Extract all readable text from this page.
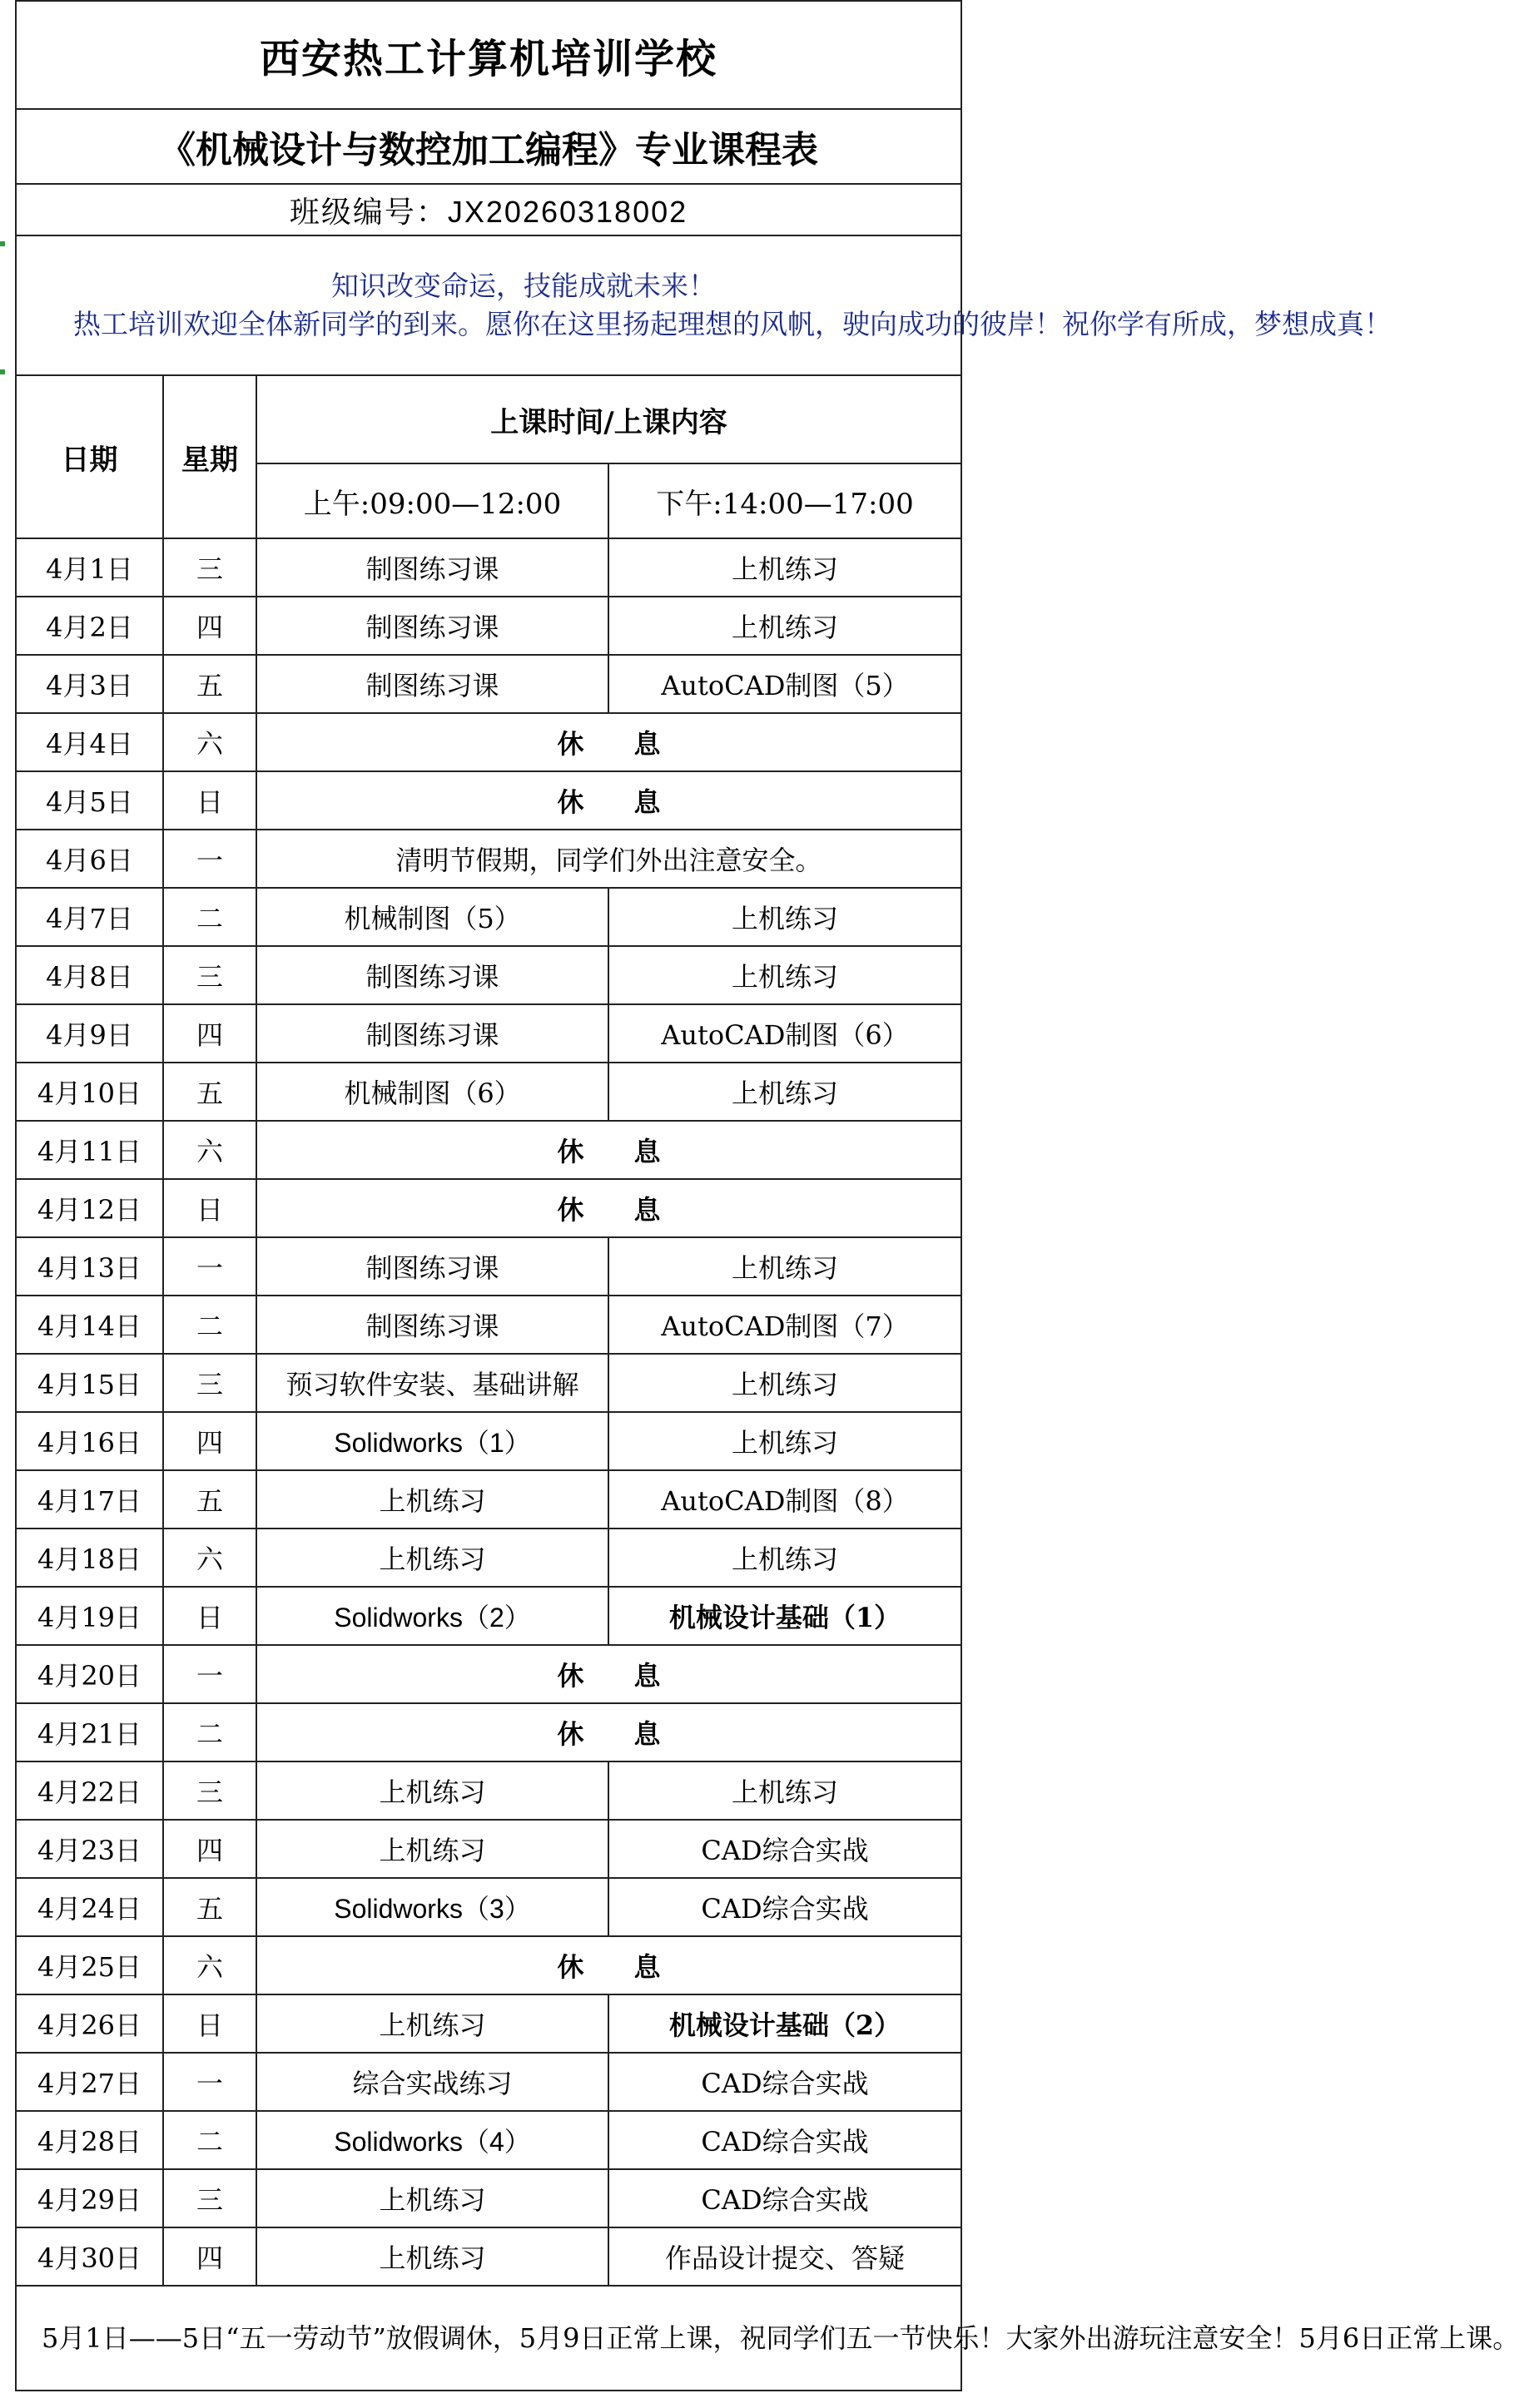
西安热工计算机培训学校			
《机械设计与数控加工编程》专业课程表			
班级编号：JX20260318002			

知识改变命运，技能成就未来！
热工培训欢迎全体新同学的到来。愿你在这里扬起理想的风帆，驶向成功的彼岸！祝你学有所成，梦想成真！			

日期	星期	上课时间/上课内容	
		上午:09:00—12:00	下午:14:00—17:00
4月1日	三	制图练习课	上机练习
4月2日	四	制图练习课	上机练习
4月3日	五	制图练习课	AutoCAD制图（5）
4月4日	六	休 息	
4月5日	日	休 息	
4月6日	一	清明节假期，同学们外出注意安全。	
4月7日	二	机械制图（5）	上机练习
4月8日	三	制图练习课	上机练习
4月9日	四	制图练习课	AutoCAD制图（6）
4月10日	五	机械制图（6）	上机练习
4月11日	六	休 息	
4月12日	日	休 息	
4月13日	一	制图练习课	上机练习
4月14日	二	制图练习课	AutoCAD制图（7）
4月15日	三	预习软件安装、基础讲解	上机练习
4月16日	四	Solidworks（1）	上机练习
4月17日	五	上机练习	AutoCAD制图（8）
4月18日	六	上机练习	上机练习
4月19日	日	Solidworks（2）	机械设计基础（1）
4月20日	一	休 息	
4月21日	二	休 息	
4月22日	三	上机练习	上机练习
4月23日	四	上机练习	CAD综合实战
4月24日	五	Solidworks（3）	CAD综合实战
4月25日	六	休 息	
4月26日	日	上机练习	机械设计基础（2）
4月27日	一	综合实战练习	CAD综合实战
4月28日	二	Solidworks（4）	CAD综合实战
4月29日	三	上机练习	CAD综合实战
4月30日	四	上机练习	作品设计提交、答疑

5月1日——5日“五一劳动节”放假调休，5月9日正常上课，祝同学们五一节快乐！大家外出游玩注意安全！5月6日正常上课。			
